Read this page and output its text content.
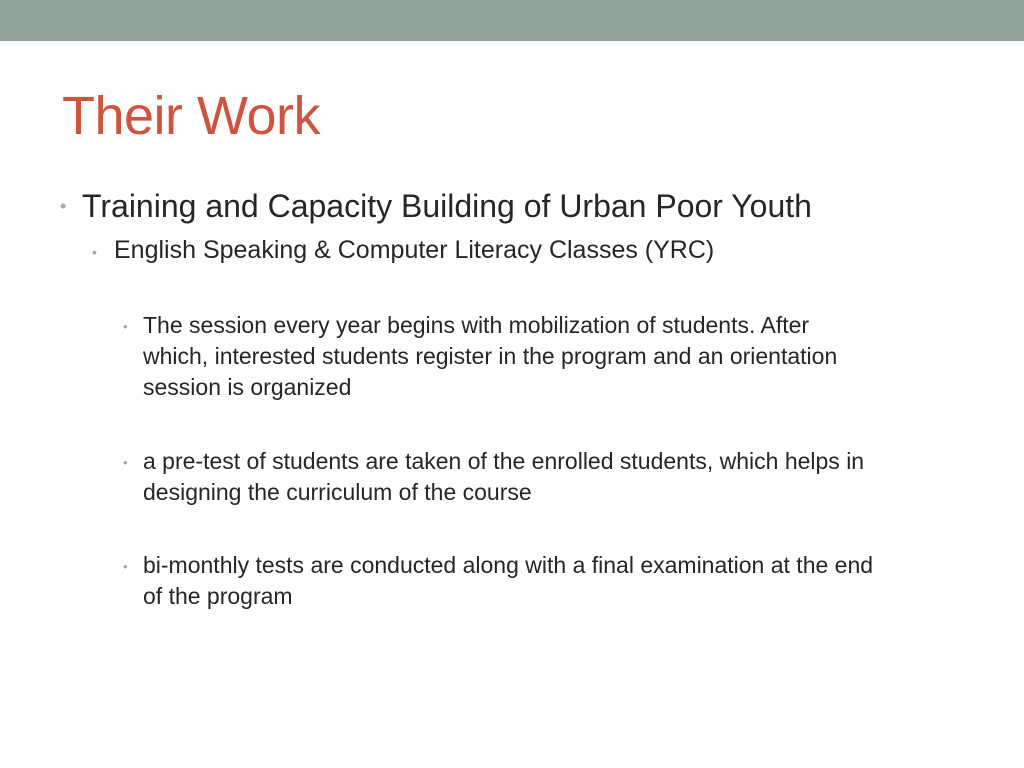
Their Work
• Training and Capacity Building of Urban Poor Youth

• English Speaking & Computer Literacy Classes (YRC)

• The session every year begins with mobilization of students. After
which, interested students register in the program and an orientation
session is organized
• a pre-test of students are taken of the enrolled students, which helps in
designing the curriculum of the course
• bi-monthly tests are conducted along with a final examination at the end
of the program
